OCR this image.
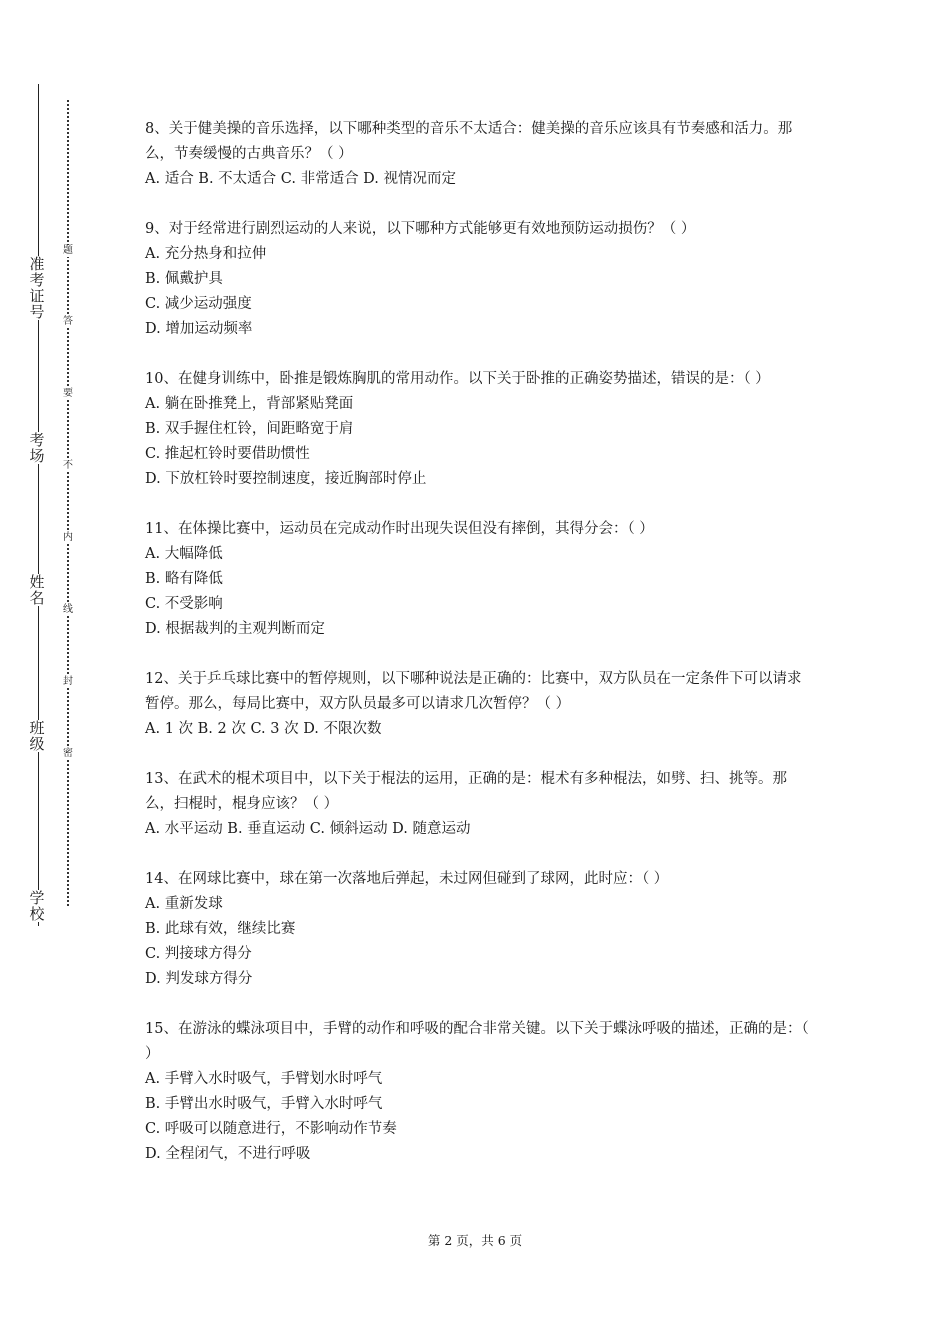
准
考
证
号
考
场
姓
名
班
级
学
校
题
答
要
不
内
线
封
密

8、关于健美操的音乐选择，以下哪种类型的音乐不太适合：健美操的音乐应该具有节奏感和活力。那么，节奏缓慢的古典音乐？（ ）

A. 适合 B. 不太适合 C. 非常适合 D. 视情况而定

9、对于经常进行剧烈运动的人来说，以下哪种方式能够更有效地预防运动损伤？（ ）

A. 充分热身和拉伸

B. 佩戴护具

C. 减少运动强度

D. 增加运动频率

10、在健身训练中，卧推是锻炼胸肌的常用动作。以下关于卧推的正确姿势描述，错误的是：（ ）

A. 躺在卧推凳上，背部紧贴凳面

B. 双手握住杠铃，间距略宽于肩

C. 推起杠铃时要借助惯性

D. 下放杠铃时要控制速度，接近胸部时停止

11、在体操比赛中，运动员在完成动作时出现失误但没有摔倒，其得分会：（ ）

A. 大幅降低

B. 略有降低

C. 不受影响

D. 根据裁判的主观判断而定

12、关于乒乓球比赛中的暂停规则，以下哪种说法是正确的：比赛中，双方队员在一定条件下可以请求暂停。那么，每局比赛中，双方队员最多可以请求几次暂停？（ ）

A. 1 次 B. 2 次 C. 3 次 D. 不限次数

13、在武术的棍术项目中，以下关于棍法的运用，正确的是：棍术有多种棍法，如劈、扫、挑等。那么，扫棍时，棍身应该？（ ）

A. 水平运动 B. 垂直运动 C. 倾斜运动 D. 随意运动

14、在网球比赛中，球在第一次落地后弹起，未过网但碰到了球网，此时应：（ ）

A. 重新发球

B. 此球有效，继续比赛

C. 判接球方得分

D. 判发球方得分

15、在游泳的蝶泳项目中，手臂的动作和呼吸的配合非常关键。以下关于蝶泳呼吸的描述，正确的是：（ ）

A. 手臂入水时吸气，手臂划水时呼气

B. 手臂出水时吸气，手臂入水时呼气

C. 呼吸可以随意进行，不影响动作节奏

D. 全程闭气，不进行呼吸

第 2 页，共 6 页
